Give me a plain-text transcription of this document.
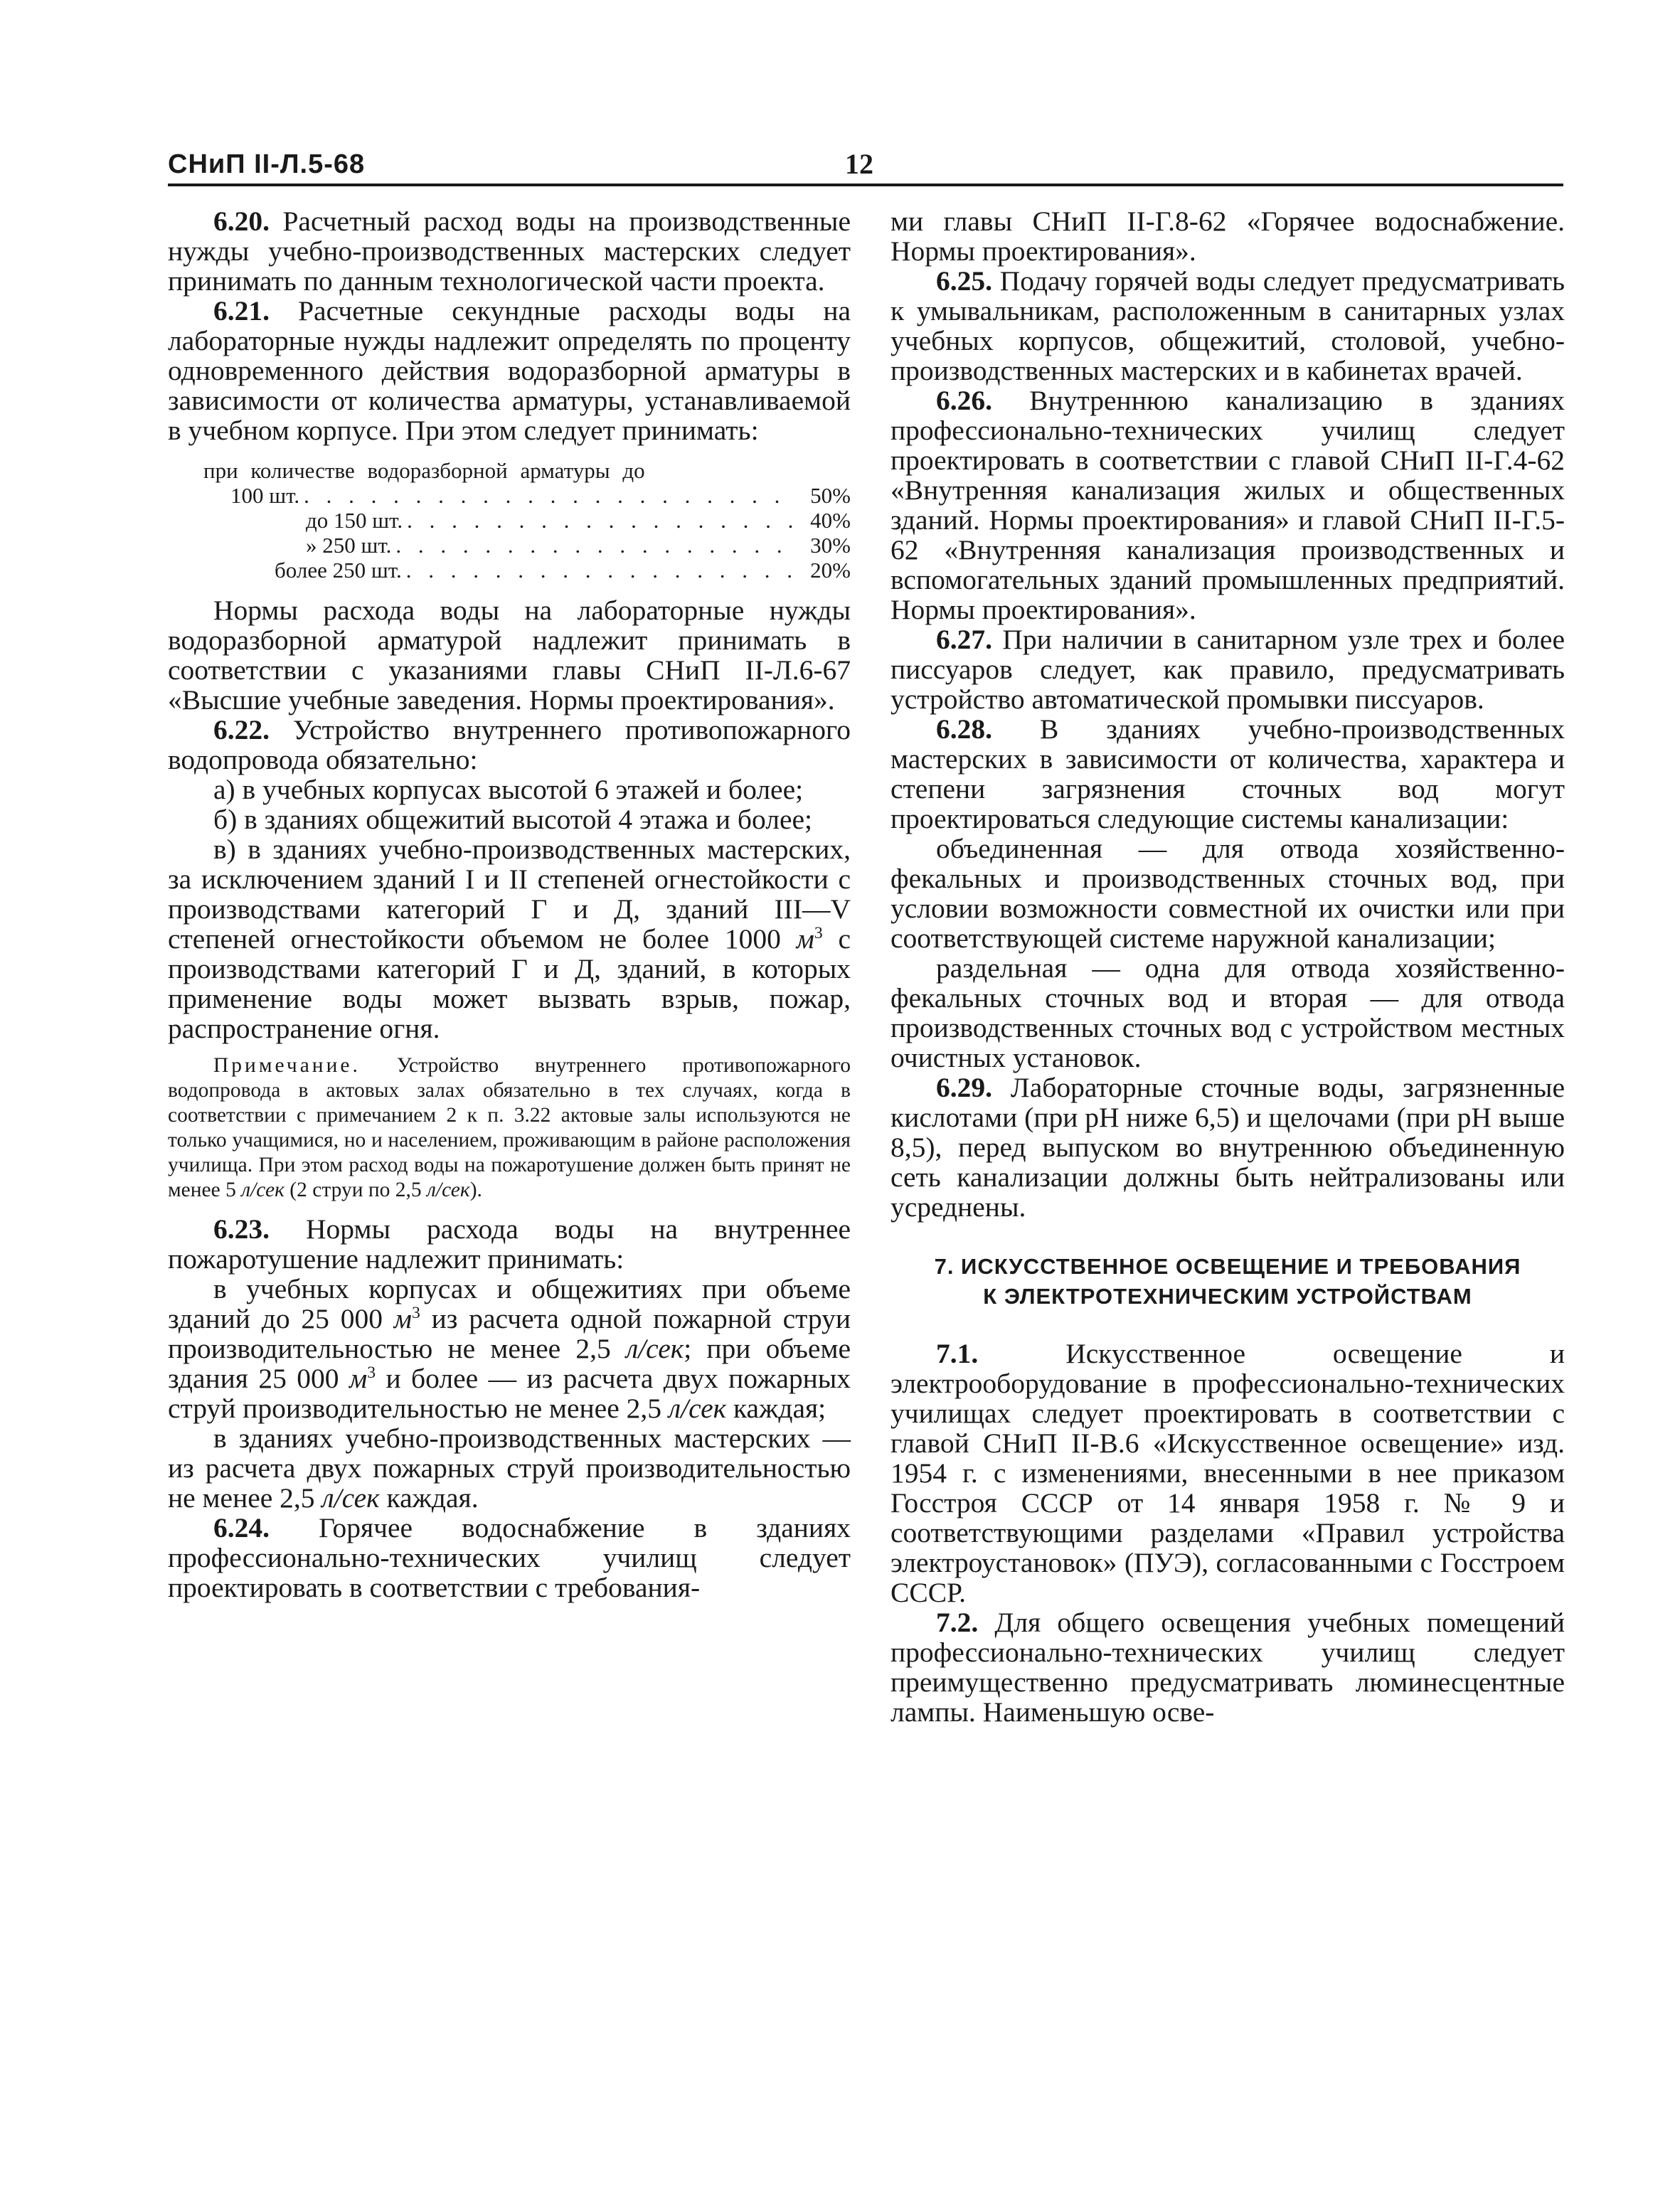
СНиП II-Л.5-68	12

6.20. Расчетный расход воды на производственные нужды учебно-производственных мастерских следует принимать по данным технологической части проекта.

6.21. Расчетные секундные расходы воды на лабораторные нужды надлежит определять по проценту одновременного действия водоразборной арматуры в зависимости от количества арматуры, устанавливаемой в учебном корпусе. При этом следует принимать:

при количестве водоразборной арматуры до
100 шт. . . .	50%
до 150 шт. . . .	40%
» 250 шт. . . .	30%
более 250 шт. . . .	20%

Нормы расхода воды на лабораторные нужды водоразборной арматурой надлежит принимать в соответствии с указаниями главы СНиП II-Л.6-67 «Высшие учебные заведения. Нормы проектирования».

6.22. Устройство внутреннего противопожарного водопровода обязательно:

а) в учебных корпусах высотой 6 этажей и более;

б) в зданиях общежитий высотой 4 этажа и более;

в) в зданиях учебно-производственных мастерских, за исключением зданий I и II степеней огнестойкости с производствами категорий Г и Д, зданий III—V степеней огнестойкости объемом не более 1000 $м^3$ с производствами категорий Г и Д, зданий, в которых применение воды может вызвать взрыв, пожар, распространение огня.

Примечание. Устройство внутреннего противопожарного водопровода в актовых залах обязательно в тех случаях, когда в соответствии с примечанием 2 к п. 3.22 актовые залы используются не только учащимися, но и населением, проживающим в районе расположения училища. При этом расход воды на пожаротушение должен быть принят не менее 5 л/сек (2 струи по 2,5 л/сек).

6.23. Нормы расхода воды на внутреннее пожаротушение надлежит принимать:

в учебных корпусах и общежитиях при объеме зданий до 25 000 $м^3$ из расчета одной пожарной струи производительностью не менее 2,5 л/сек; при объеме здания 25 000 $м^3$ и более — из расчета двух пожарных струй производительностью не менее 2,5 л/сек каждая;

в зданиях учебно-производственных мастерских — из расчета двух пожарных струй производительностью не менее 2,5 л/сек каждая.

6.24. Горячее водоснабжение в зданиях профессионально-технических училищ следует проектировать в соответствии с требования-

ми главы СНиП II-Г.8-62 «Горячее водоснабжение. Нормы проектирования».

6.25. Подачу горячей воды следует предусматривать к умывальникам, расположенным в санитарных узлах учебных корпусов, общежитий, столовой, учебно-производственных мастерских и в кабинетах врачей.

6.26. Внутреннюю канализацию в зданиях профессионально-технических училищ следует проектировать в соответствии с главой СНиП II-Г.4-62 «Внутренняя канализация жилых и общественных зданий. Нормы проектирования» и главой СНиП II-Г.5-62 «Внутренняя канализация производственных и вспомогательных зданий промышленных предприятий. Нормы проектирования».

6.27. При наличии в санитарном узле трех и более писсуаров следует, как правило, предусматривать устройство автоматической промывки писсуаров.

6.28. В зданиях учебно-производственных мастерских в зависимости от количества, характера и степени загрязнения сточных вод могут проектироваться следующие системы канализации:

объединенная — для отвода хозяйственно-фекальных и производственных сточных вод, при условии возможности совместной их очистки или при соответствующей системе наружной канализации;

раздельная — одна для отвода хозяйственно-фекальных сточных вод и вторая — для отвода производственных сточных вод с устройством местных очистных установок.

6.29. Лабораторные сточные воды, загрязненные кислотами (при pH ниже 6,5) и щелочами (при pH выше 8,5), перед выпуском во внутреннюю объединенную сеть канализации должны быть нейтрализованы или усреднены.

7. ИСКУССТВЕННОЕ ОСВЕЩЕНИЕ И ТРЕБОВАНИЯ
К ЭЛЕКТРОТЕХНИЧЕСКИМ УСТРОЙСТВАМ

7.1.	Искусственное освещение и электрооборудование в профессионально-технических училищах следует проектировать в соответствии с главой СНиП II-В.6 «Искусственное освещение» изд. 1954 г. с изменениями, внесенными в нее приказом Госстроя СССР от 14 января 1958 г. № 9 и соответствующими разделами «Правил устройства электроустановок» (ПУЭ), согласованными с Госстроем СССР.

7.2. Для общего освещения учебных помещений профессионально-технических училищ следует преимущественно предусматривать люминесцентные лампы. Наименьшую осве-
